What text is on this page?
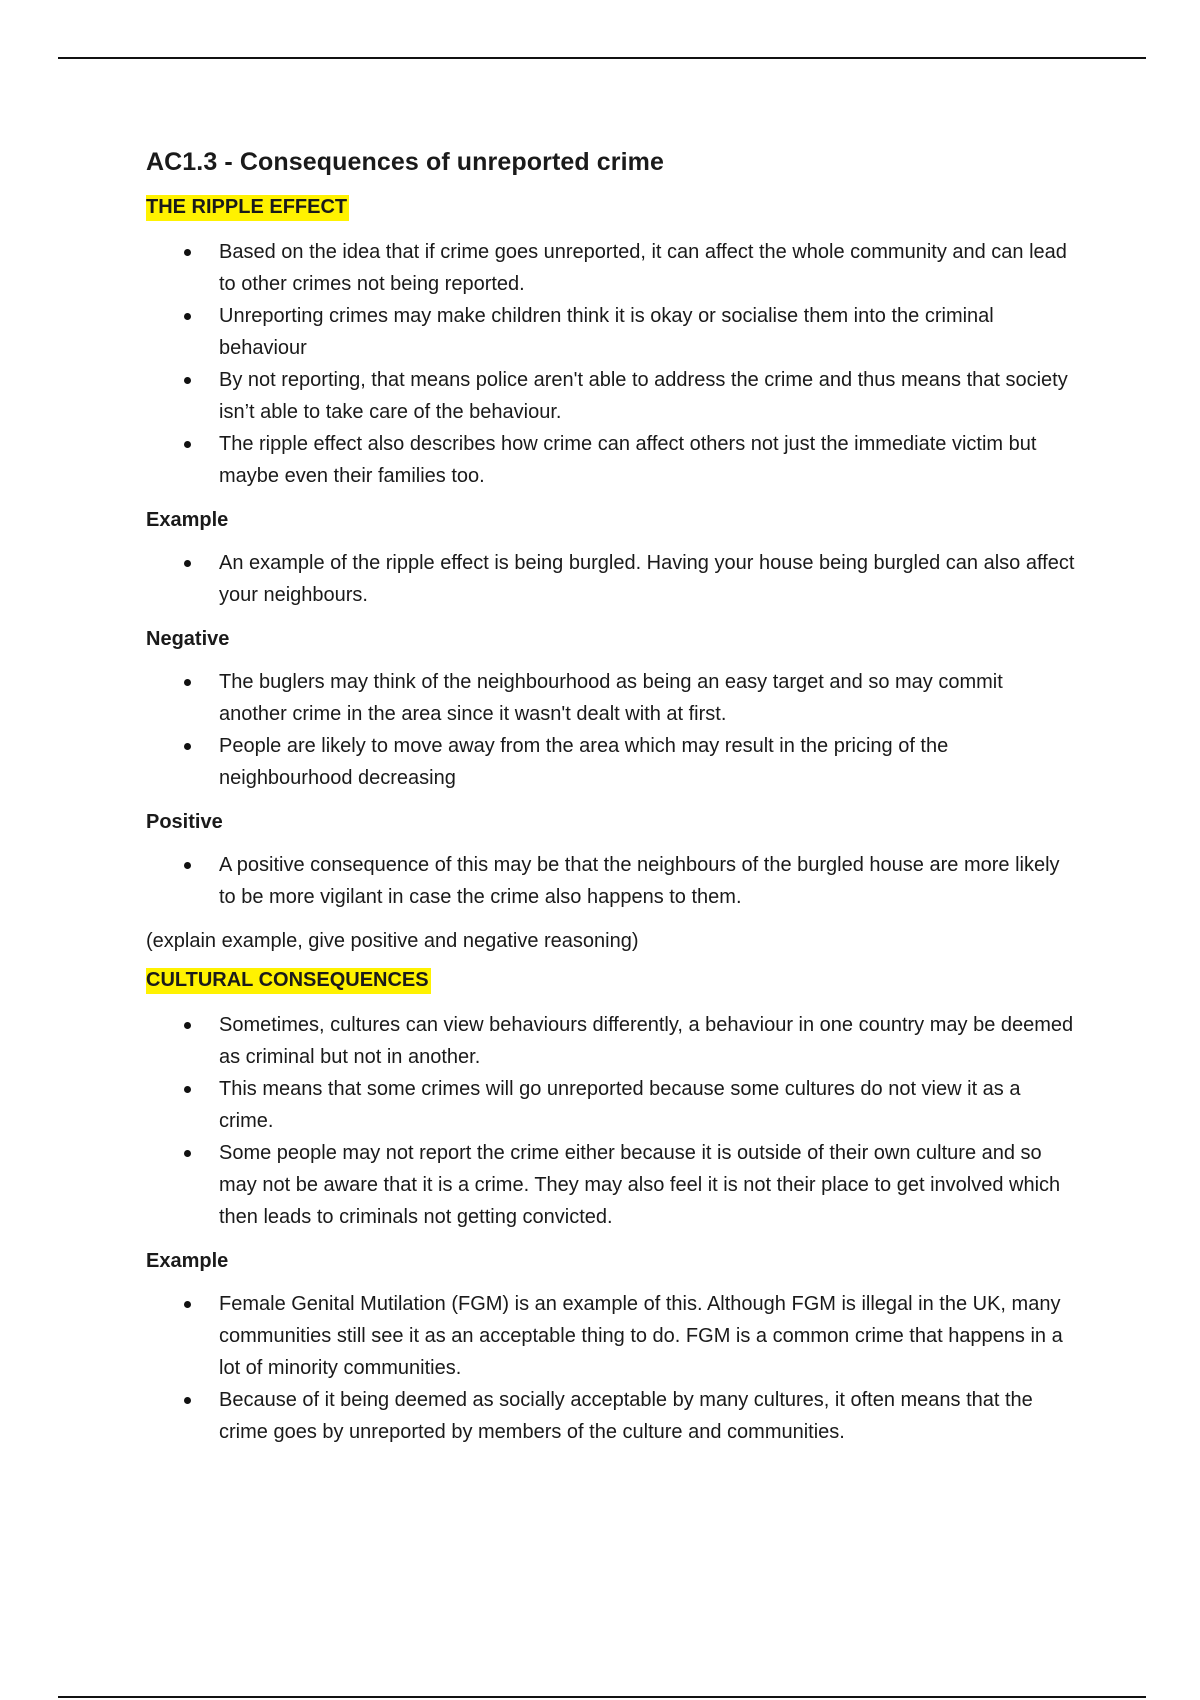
AC1.3 - Consequences of unreported crime
THE RIPPLE EFFECT
Based on the idea that if crime goes unreported, it can affect the whole community and can lead to other crimes not being reported.
Unreporting crimes may make children think it is okay or socialise them into the criminal behaviour
By not reporting, that means police aren't able to address the crime and thus means that society isn’t able to take care of the behaviour.
The ripple effect also describes how crime can affect others not just the immediate victim but maybe even their families too.
Example
An example of the ripple effect is being burgled. Having your house being burgled can also affect your neighbours.
Negative
The buglers may think of the neighbourhood as being an easy target and so may commit another crime in the area since it wasn't dealt with at first.
People are likely to move away from the area which may result in the pricing of the neighbourhood decreasing
Positive
A positive consequence of this may be that the neighbours of the burgled house are more likely to be more vigilant in case the crime also happens to them.

(explain example, give positive and negative reasoning)

CULTURAL CONSEQUENCES
Sometimes, cultures can view behaviours differently, a behaviour in one country may be deemed as criminal but not in another.
This means that some crimes will go unreported because some cultures do not view it as a crime.
Some people may not report the crime either because it is outside of their own culture and so may not be aware that it is a crime. They may also feel it is not their place to get involved which then leads to criminals not getting convicted.
Example
Female Genital Mutilation (FGM) is an example of this. Although FGM is illegal in the UK, many communities still see it as an acceptable thing to do. FGM is a common crime that happens in a lot of minority communities.
Because of it being deemed as socially acceptable by many cultures, it often means that the crime goes by unreported by members of the culture and communities.
